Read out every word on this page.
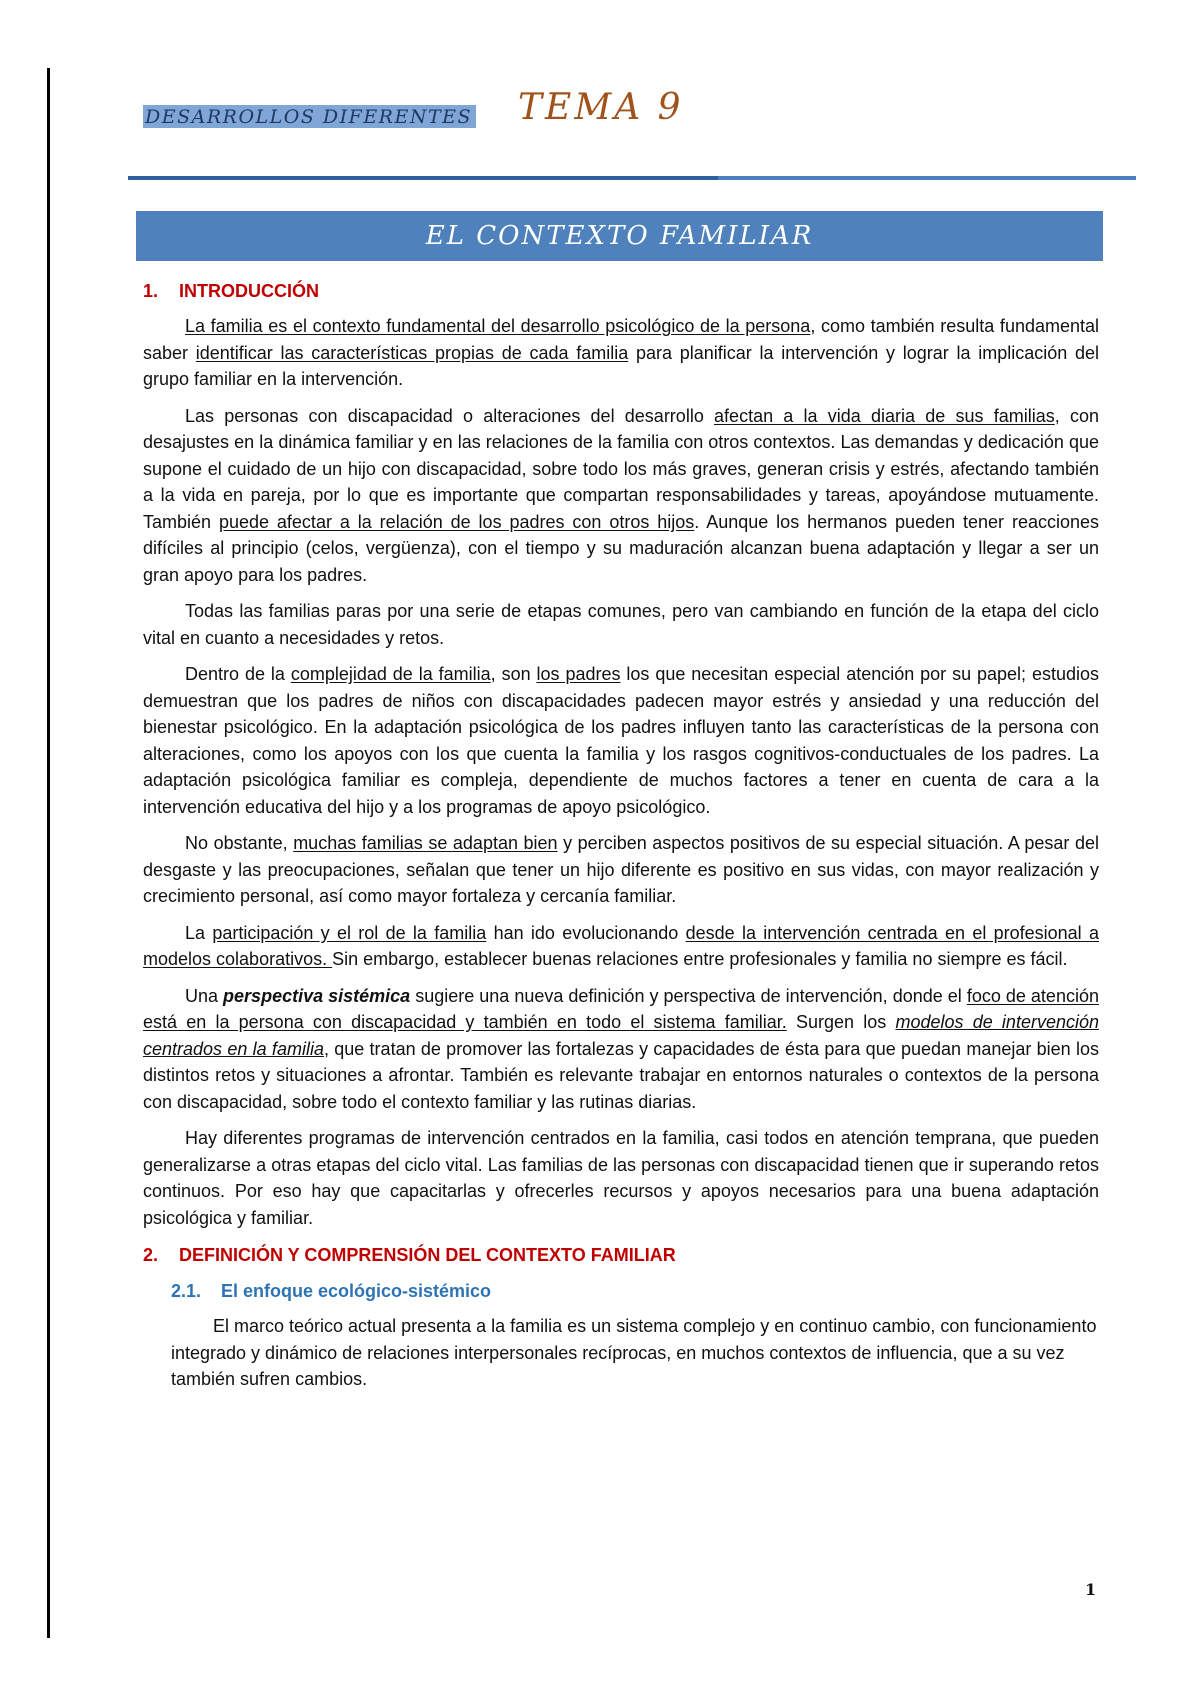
DESARROLLOS DIFERENTES TEMA 9
EL CONTEXTO FAMILIAR
1. INTRODUCCIÓN

La familia es el contexto fundamental del desarrollo psicológico de la persona, como también resulta fundamental saber identificar las características propias de cada familia para planificar la intervención y lograr la implicación del grupo familiar en la intervención.

Las personas con discapacidad o alteraciones del desarrollo afectan a la vida diaria de sus familias, con desajustes en la dinámica familiar y en las relaciones de la familia con otros contextos. Las demandas y dedicación que supone el cuidado de un hijo con discapacidad, sobre todo los más graves, generan crisis y estrés, afectando también a la vida en pareja, por lo que es importante que compartan responsabilidades y tareas, apoyándose mutuamente. También puede afectar a la relación de los padres con otros hijos. Aunque los hermanos pueden tener reacciones difíciles al principio (celos, vergüenza), con el tiempo y su maduración alcanzan buena adaptación y llegar a ser un gran apoyo para los padres.

Todas las familias paras por una serie de etapas comunes, pero van cambiando en función de la etapa del ciclo vital en cuanto a necesidades y retos.

Dentro de la complejidad de la familia, son los padres los que necesitan especial atención por su papel; estudios demuestran que los padres de niños con discapacidades padecen mayor estrés y ansiedad y una reducción del bienestar psicológico. En la adaptación psicológica de los padres influyen tanto las características de la persona con alteraciones, como los apoyos con los que cuenta la familia y los rasgos cognitivos-conductuales de los padres. La adaptación psicológica familiar es compleja, dependiente de muchos factores a tener en cuenta de cara a la intervención educativa del hijo y a los programas de apoyo psicológico.

No obstante, muchas familias se adaptan bien y perciben aspectos positivos de su especial situación. A pesar del desgaste y las preocupaciones, señalan que tener un hijo diferente es positivo en sus vidas, con mayor realización y crecimiento personal, así como mayor fortaleza y cercanía familiar.

La participación y el rol de la familia han ido evolucionando desde la intervención centrada en el profesional a modelos colaborativos. Sin embargo, establecer buenas relaciones entre profesionales y familia no siempre es fácil.

Una perspectiva sistémica sugiere una nueva definición y perspectiva de intervención, donde el foco de atención está en la persona con discapacidad y también en todo el sistema familiar. Surgen los modelos de intervención centrados en la familia, que tratan de promover las fortalezas y capacidades de ésta para que puedan manejar bien los distintos retos y situaciones a afrontar. También es relevante trabajar en entornos naturales o contextos de la persona con discapacidad, sobre todo el contexto familiar y las rutinas diarias.

Hay diferentes programas de intervención centrados en la familia, casi todos en atención temprana, que pueden generalizarse a otras etapas del ciclo vital. Las familias de las personas con discapacidad tienen que ir superando retos continuos. Por eso hay que capacitarlas y ofrecerles recursos y apoyos necesarios para una buena adaptación psicológica y familiar.

2. DEFINICIÓN Y COMPRENSIÓN DEL CONTEXTO FAMILIAR
2.1. El enfoque ecológico-sistémico

El marco teórico actual presenta a la familia es un sistema complejo y en continuo cambio, con funcionamiento integrado y dinámico de relaciones interpersonales recíprocas, en muchos contextos de influencia, que a su vez también sufren cambios.

1
